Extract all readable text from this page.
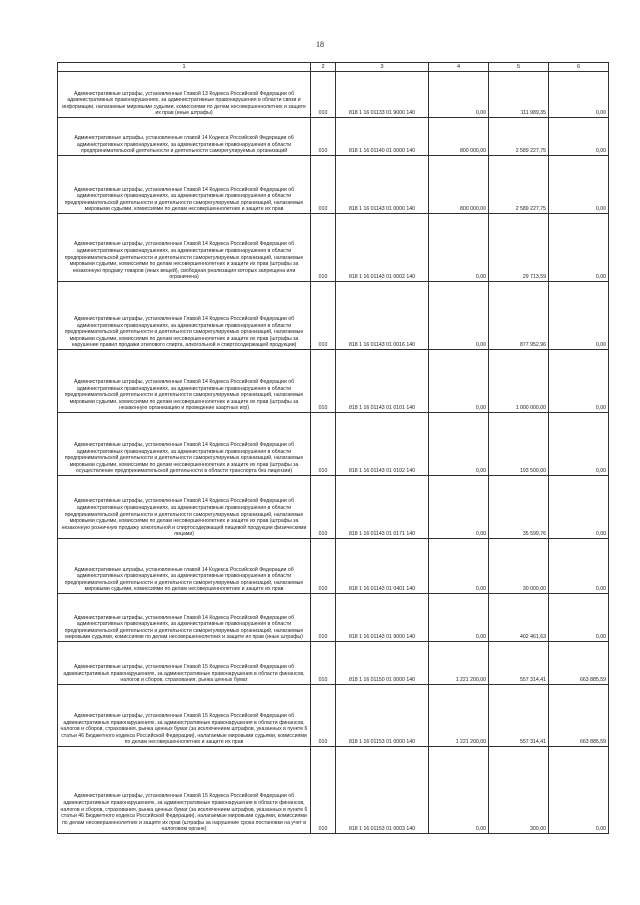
18
1	2	3	4	5	6
Административные штрафы, установленные Главой 13 Кодекса Российской Федерации об административных правонарушениях, за административные правонарушения в области связи и информации, налагаемые мировыми судьями, комиссиями по делам несовершеннолетних и защите их прав (иные штрафы)	010	818 1 16 01133 01 9000 140	0,00	111 989,35	0,00
Административные штрафы, установленные главой 14 Кодекса Российской Федерации об административных правонарушениях, за административные правонарушения в области предпринимательской деятельности и деятельности саморегулируемых организаций	010	818 1 16 01140 01 0000 140	800 000,00	2 589 227,75	0,00
Административные штрафы, установленные Главой 14 Кодекса Российской Федерации об административных правонарушениях, за административные правонарушения в области предпринимательской деятельности и деятельности саморегулируемых организаций, налагаемые мировыми судьями, комиссиями по делам несовершеннолетних и защите их прав	010	818 1 16 01143 01 0000 140	800 000,00	2 589 227,75	0,00
Административные штрафы, установленные Главой 14 Кодекса Российской Федерации об административных правонарушениях, за административные правонарушения в области предпринимательской деятельности и деятельности саморегулируемых организаций, налагаемые мировыми судьями, комиссиями по делам несовершеннолетних и защите их прав (штрафы за незаконную продажу товаров (иных вещей), свободная реализация которых запрещена или ограничена)	010	818 1 16 01143 01 0002 140	0,00	29 713,59	0,00
Административные штрафы, установленные Главой 14 Кодекса Российской Федерации об административных правонарушениях, за административные правонарушения в области предпринимательской деятельности и деятельности саморегулируемых организаций, налагаемые мировыми судьями, комиссиями по делам несовершеннолетних и защите их прав (штрафы за нарушение правил продажи этилового спирта, алкогольной и спиртосодержащей продукции)	010	818 1 16 01143 01 0016 140	0,00	877 952,96	0,00
Административные штрафы, установленные Главой 14 Кодекса Российской Федерации об административных правонарушениях, за административные правонарушения в области предпринимательской деятельности и деятельности саморегулируемых организаций, налагаемые мировыми судьями, комиссиями по делам несовершеннолетних и защите их прав (штрафы за незаконную организацию и проведение азартных игр)	010	818 1 16 01143 01 0101 140	0,00	1 000 000,00	0,00
Административные штрафы, установленные Главой 14 Кодекса Российской Федерации об административных правонарушениях, за административные правонарушения в области предпринимательской деятельности и деятельности саморегулируемых организаций, налагаемые мировыми судьями, комиссиями по делам несовершеннолетних и защите их прав (штрафы за осуществление предпринимательской деятельности в области транспорта без лицензии)	010	818 1 16 01143 01 0102 140	0,00	193 500,00	0,00
Административные штрафы, установленные Главой 14 Кодекса Российской Федерации об административных правонарушениях, за административные правонарушения в области предпринимательской деятельности и деятельности саморегулируемых организаций, налагаемые мировыми судьями, комиссиями по делам несовершеннолетних и защите их прав (штрафы за незаконную розничную продажу алкогольной и спиртосодержащей пищевой продукции физическими лицами)	010	818 1 16 01143 01 0171 140	0,00	35 599,76	0,00
Административные штрафы, установленные главой 14 Кодекса Российской Федерации об административных правонарушениях, за административные правонарушения в области предпринимательской деятельности и деятельности саморегулируемых организаций, налагаемые мировыми судьями, комиссиями по делам несовершеннолетних и защите их прав	010	818 1 16 01143 01 0401 140	0,00	30 000,00	0,00
Административные штрафы, установленные Главой 14 Кодекса Российской Федерации об административных правонарушениях, за административные правонарушения в области предпринимательской деятельности и деятельности саморегулируемых организаций, налагаемые мировыми судьями, комиссиями по делам несовершеннолетних и защите их прав (иные штрафы)	010	818 1 16 01143 01 9000 140	0,00	402 461,63	0,00
Административные штрафы, установленные Главой 15 Кодекса Российской Федерации об административных правонарушениях, за административные правонарушения в области финансов, налогов и сборов, страхования, рынка ценных бумаг	010	818 1 16 01150 01 0000 140	1 221 200,00	557 314,41	663 885,59
Административные штрафы, установленные Главой 15 Кодекса Российской Федерации об административных правонарушениях, за административные правонарушения в области финансов, налогов и сборов, страхования, рынка ценных бумаг (за исключением штрафов, указанных в пункте 6 статьи 46 Бюджетного кодекса Российской Федерации), налагаемые мировыми судьями, комиссиями по делам несовершеннолетних и защите их прав	010	818 1 16 01153 01 0000 140	1 221 200,00	557 314,41	663 885,59
Административные штрафы, установленные Главой 15 Кодекса Российской Федерации об административных правонарушениях, за административные правонарушения в области финансов, налогов и сборов, страхования, рынка ценных бумаг (за исключением штрафов, указанных в пункте 6 статьи 46 Бюджетного кодекса Российской Федерации), налагаемые мировыми судьями, комиссиями по делам несовершеннолетних и защите их прав (штрафы за нарушение срока постановки на учет в налоговом органе)	010	818 1 16 01153 01 0003 140	0,00	300,00	0,00
